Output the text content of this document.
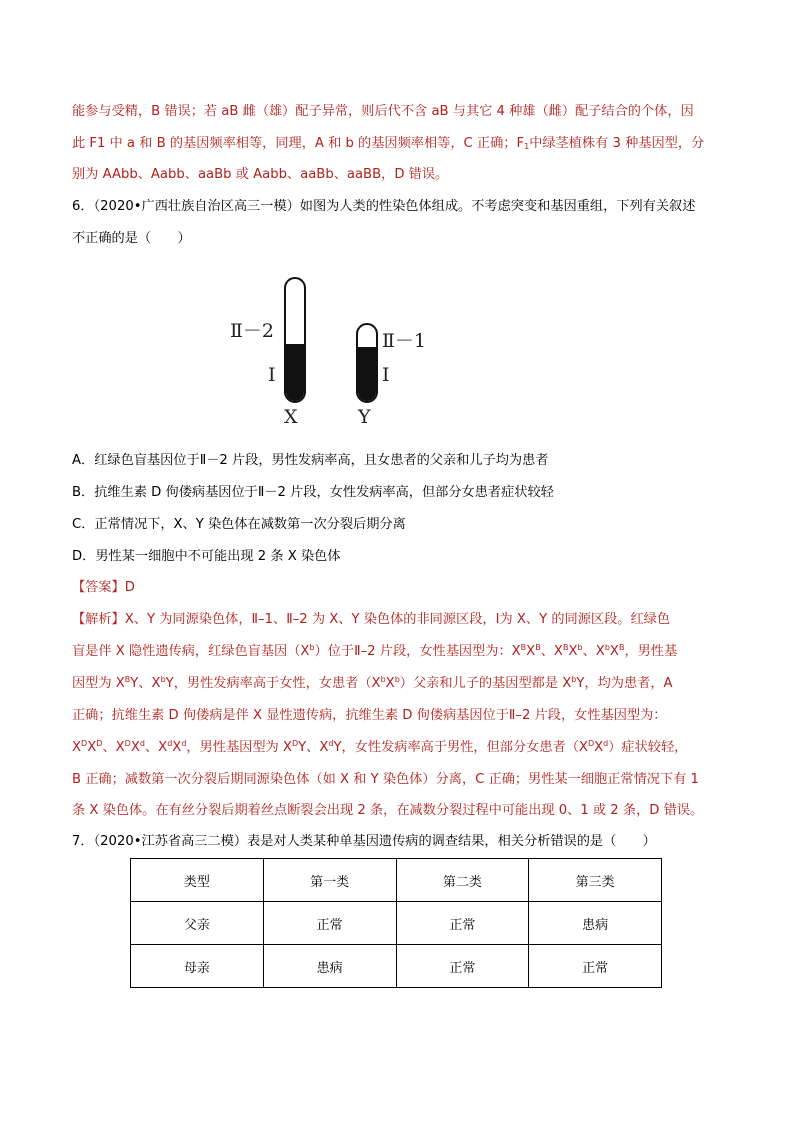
能参与受精，B 错误；若 aB 雌（雄）配子异常，则后代不含 aB 与其它 4 种雄（雌）配子结合的个体，因
此 F1 中 a 和 B 的基因频率相等，同理，A 和 b 的基因频率相等，C 正确；$F_1$中绿茎植株有 3 种基因型，分
别为 AAbb、Aabb、aaBb 或 Aabb、aaBb、aaBB，D 错误。
6．（2020•广西壮族自治区高三一模）如图为人类的性染色体组成。不考虑突变和基因重组，下列有关叙述
不正确的是（　　）
Ⅱ－2
Ⅰ
X
Ⅱ－1
Ⅰ
Y
A．红绿色盲基因位于Ⅱ－2 片段，男性发病率高，且女患者的父亲和儿子均为患者
B．抗维生素 D 佝偻病基因位于Ⅱ－2 片段，女性发病率高，但部分女患者症状较轻
C．正常情况下，X、Y 染色体在减数第一次分裂后期分离
D．男性某一细胞中不可能出现 2 条 X 染色体
【答案】D
【解析】X、Y 为同源染色体，Ⅱ–1、Ⅱ–2 为 X、Y 染色体的非同源区段，Ⅰ为 X、Y 的同源区段。红绿色
盲是伴 X 隐性遗传病，红绿色盲基因$(X^b)$位于Ⅱ–2 片段，女性基因型为：$X^BX^B$、$X^BX^b$、$X^bX^B$，男性基
因型为 $X^BY$、$X^bY$，男性发病率高于女性，女患者$(X^bX^b)$父亲和儿子的基因型都是 $X^bY$，均为患者，A
正确；抗维生素 D 佝偻病是伴 X 显性遗传病，抗维生素 D 佝偻病基因位于Ⅱ–2 片段，女性基因型为：
$X^DX^D$、$X^DX^d$、$X^dX^d$，男性基因型为 $X^DY$、$X^dY$，女性发病率高于男性，但部分女患者$(X^DX^d)$症状较轻，
B 正确；减数第一次分裂后期同源染色体（如 X 和 Y 染色体）分离，C 正确；男性某一细胞正常情况下有 1
条 X 染色体。在有丝分裂后期着丝点断裂会出现 2 条，在减数分裂过程中可能出现 0、1 或 2 条，D 错误。
7．（2020•江苏省高三二模）表是对人类某种单基因遗传病的调查结果，相关分析错误的是（　　）
类型	第一类	第二类	第三类
父亲	正常	正常	患病
母亲	患病	正常	正常
